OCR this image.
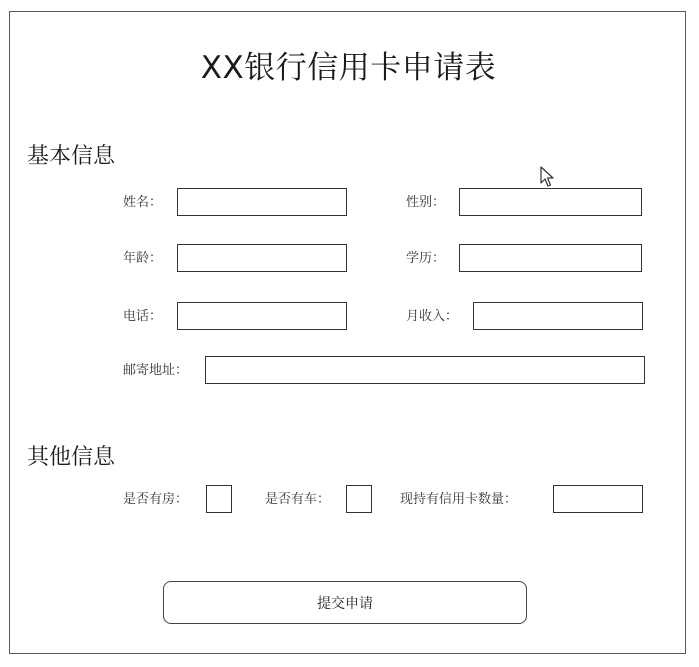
XX银行信用卡申请表
基本信息
姓名：	性别：
年龄：	学历：
电话：	月收入：
邮寄地址：
其他信息
是否有房：	是否有车：	现持有信用卡数量：
提交申请
